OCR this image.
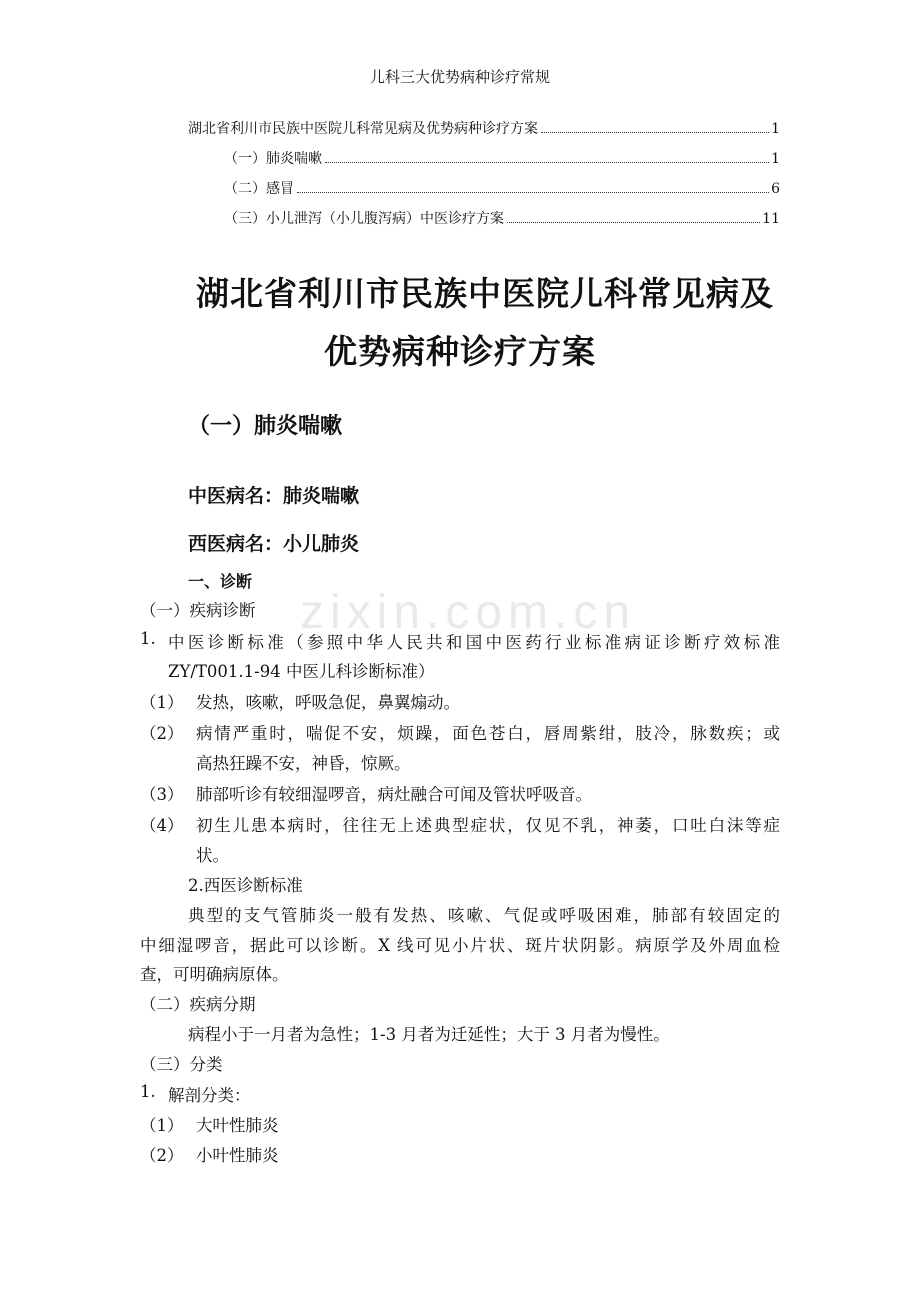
zixin.com.cn
儿科三大优势病种诊疗常规
湖北省利川市民族中医院儿科常见病及优势病种诊疗方案	1
（一）肺炎喘嗽	1
（二）感冒	6
（三）小儿泄泻（小儿腹泻病）中医诊疗方案	11
湖北省利川市民族中医院儿科常见病及
优势病种诊疗方案
（一）肺炎喘嗽
中医病名：肺炎喘嗽
西医病名：小儿肺炎
一、诊断
（一）疾病诊断
1. 中医诊断标准（参照中华人民共和国中医药行业标准病证诊断疗效标准
ZY/T001.1-94 中医儿科诊断标准）
（1） 发热，咳嗽，呼吸急促，鼻翼煽动。
（2） 病情严重时，喘促不安，烦躁，面色苍白，唇周紫绀，肢冷，脉数疾；或
高热狂躁不安，神昏，惊厥。
（3） 肺部听诊有较细湿啰音，病灶融合可闻及管状呼吸音。
（4） 初生儿患本病时，往往无上述典型症状，仅见不乳，神萎，口吐白沫等症
状。
2.西医诊断标准
典型的支气管肺炎一般有发热、咳嗽、气促或呼吸困难，肺部有较固定的
中细湿啰音，据此可以诊断。X 线可见小片状、斑片状阴影。病原学及外周血检
查，可明确病原体。
（二）疾病分期
病程小于一月者为急性；1-3 月者为迁延性；大于 3 月者为慢性。
（三）分类
1. 解剖分类：
（1） 大叶性肺炎
（2） 小叶性肺炎
